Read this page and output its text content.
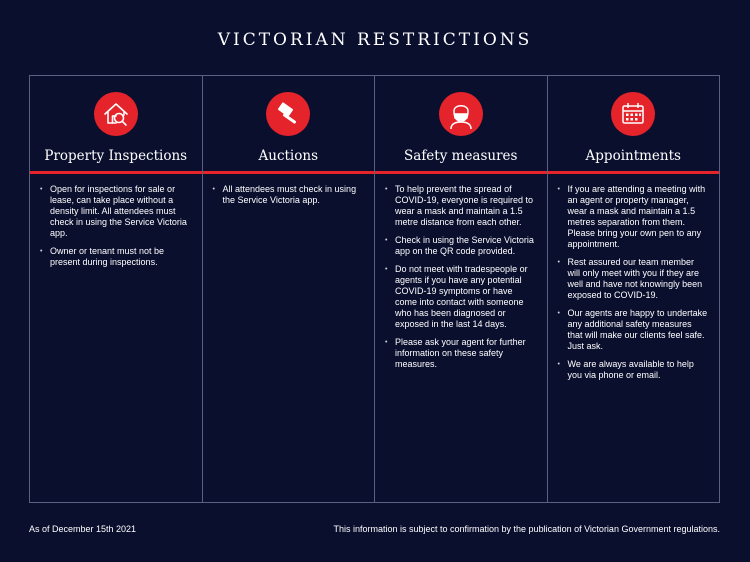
VICTORIAN RESTRICTIONS
Property Inspections
• Open for inspections for sale or lease, can take place without a density limit. All attendees must check in using the Service Victoria app.
• Owner or tenant must not be present during inspections.
Auctions
• All attendees must check in using the Service Victoria app.
Safety measures
• To help prevent the spread of COVID-19, everyone is required to wear a mask and maintain a 1.5 metre distance from each other.
• Check in using the Service Victoria app on the QR code provided.
• Do not meet with tradespeople or agents if you have any potential COVID-19 symptoms or have come into contact with someone who has been diagnosed or exposed in the last 14 days.
• Please ask your agent for further information on these safety measures.
Appointments
• If you are attending a meeting with an agent or property manager, wear a mask and maintain a 1.5 metres separation from them. Please bring your own pen to any appointment.
• Rest assured our team member will only meet with you if they are well and have not knowingly been exposed to COVID-19.
• Our agents are happy to undertake any additional safety measures that will make our clients feel safe. Just ask.
• We are always available to help you via phone or email.
As of December 15th 2021	This information is subject to confirmation by the publication of Victorian Government regulations.
